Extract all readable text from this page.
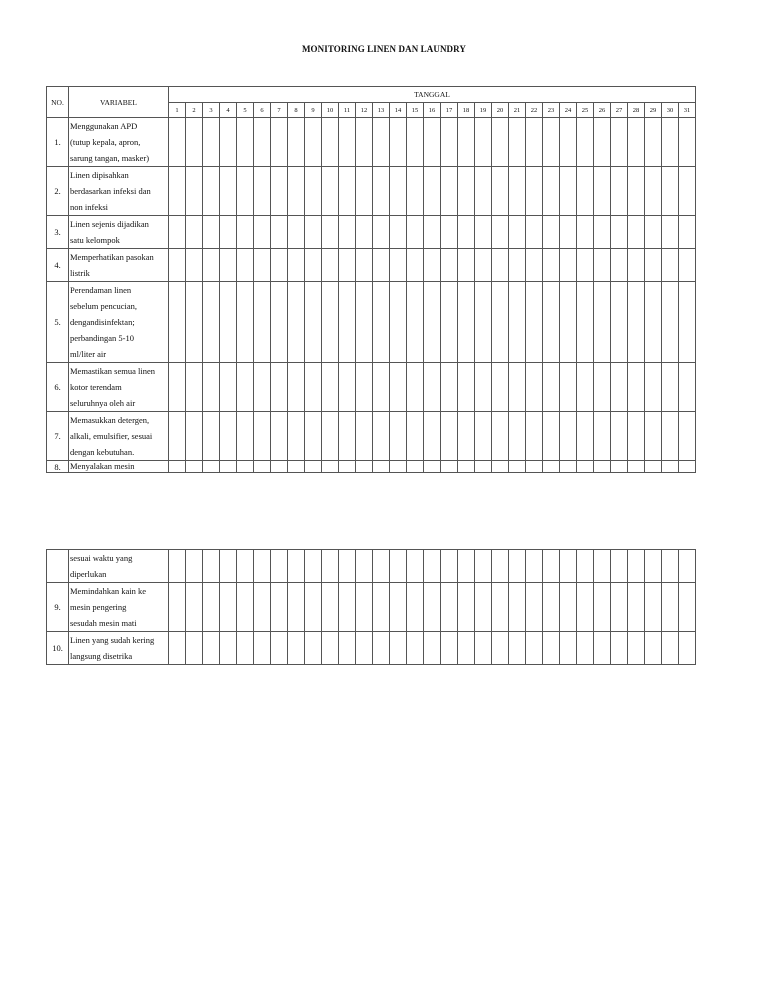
MONITORING LINEN DAN LAUNDRY
NO.	VARIABEL	TANGGAL																														
		1	2	3	4	5	6	7	8	9	10	11	12	13	14	15	16	17	18	19	20	21	22	23	24	25	26	27	28	29	30	31
1.	Menggunakan APD
(tutup kepala, apron,
sarung tangan, masker)																															

2.	Linen dipisahkan
berdasarkan infeksi dan
non infeksi																															

3.	Linen sejenis dijadikan
satu kelompok																															

4.	Memperhatikan pasokan
listrik																															

5.	Perendaman linen
sebelum pencucian,
dengandisinfektan;
perbandingan 5-10
ml/liter air																															

6.	Memastikan semua linen
kotor terendam
seluruhnya oleh air																															

7.	Memasukkan detergen,
alkali, emulsifier, sesuai
dengan kebutuhan.																															

8.	Menyalakan mesin																															

	sesuai waktu yang
diperlukan																															

9.	Memindahkan kain ke
mesin pengering
sesudah mesin mati																															

10.	Linen yang sudah kering
langsung disetrika																															
